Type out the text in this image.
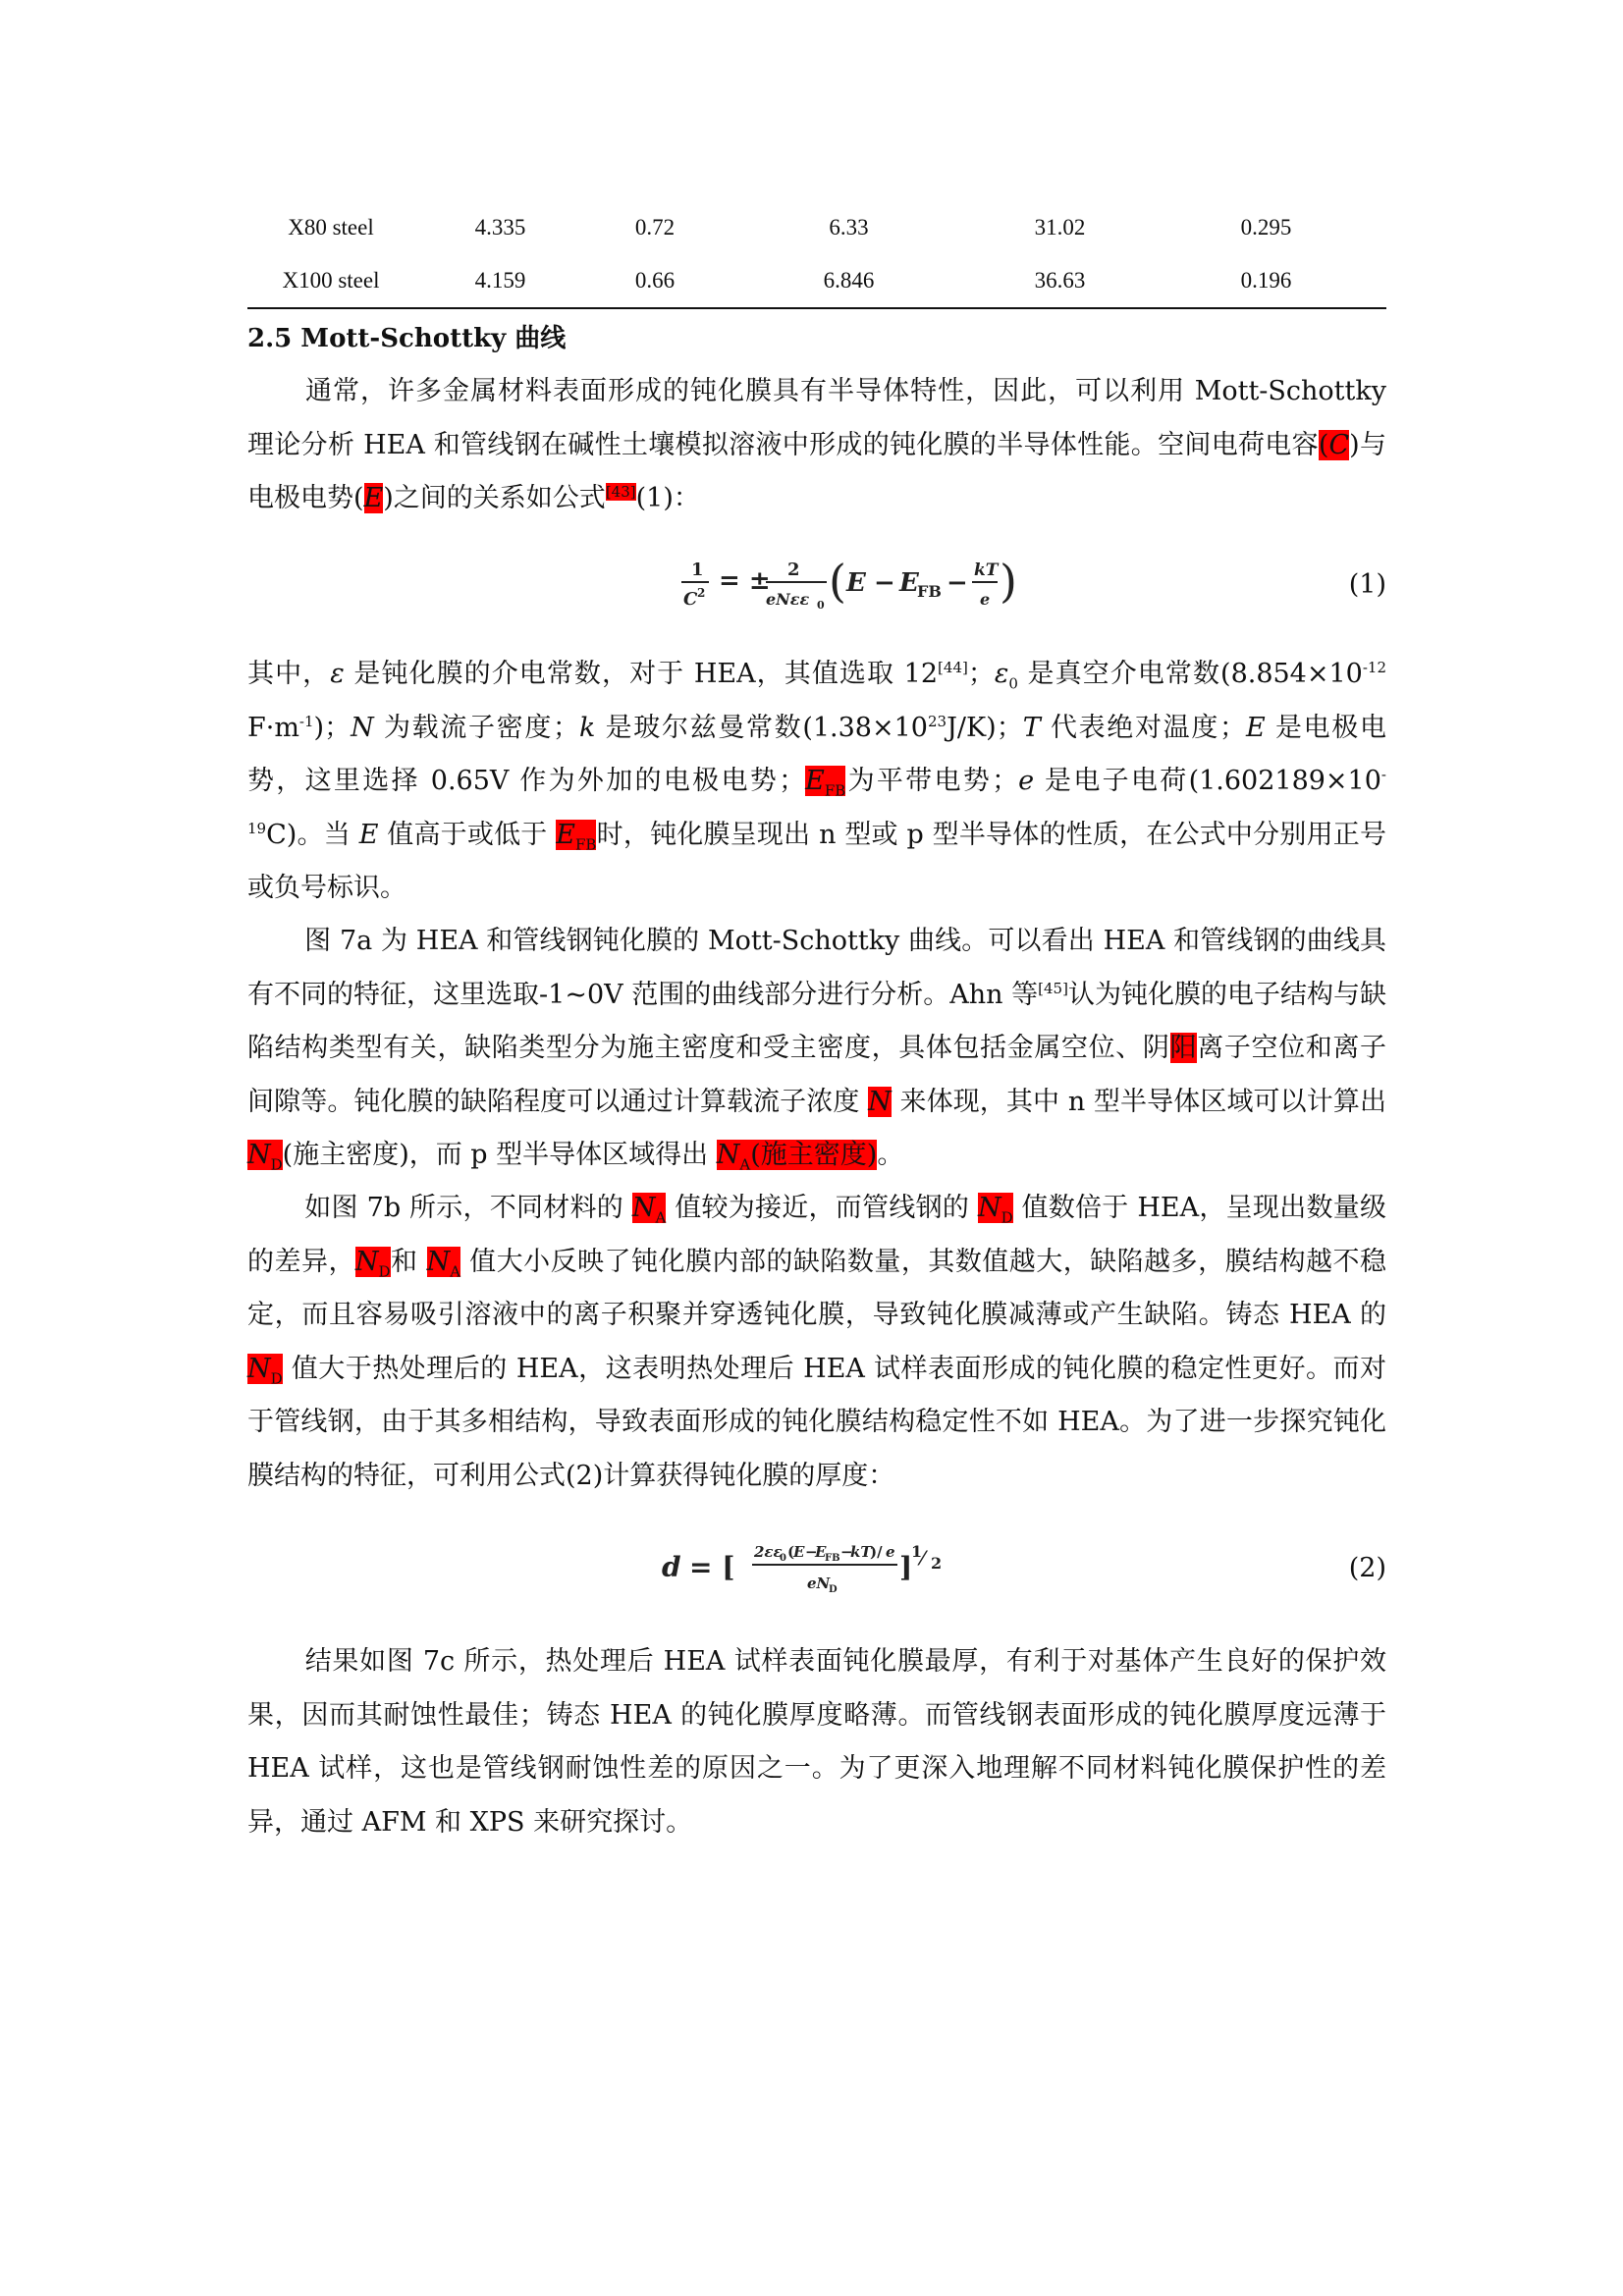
X80 steel	4.335	0.72	6.33	31.02	0.295
X100 steel	4.159	0.66	6.846	36.63	0.196
2.5 Mott-Schottky 曲线
通常，许多金属材料表面形成的钝化膜具有半导体特性，因此，可以利用 Mott-Schottky 理论分析 HEA 和管线钢在碱性土壤模拟溶液中形成的钝化膜的半导体性能。空间电荷电容(C)与电极电势(E)之间的关系如公式[43](1)：
1
C 2 = ± 2
eNεε 0 ( E − E
FB − kT
e )	(1)
其中，ε 是钝化膜的介电常数，对于 HEA，其值选取 12[44]；$\varepsilon_0$ 是真空介电常数($8.854\times 10^{-12}$ $F\cdot m^{-1}$)；N 为载流子密度；k 是玻尔兹曼常数$(1.38\times 10^{23}J/K)$；T 代表绝对温度；E 是电极电势，这里选择 0.65V 作为外加的电极电势；$E_{FB}$为平带电势；e 是电子电荷$(1.602189\times 10^{-19}C)$。当 E 值高于或低于 $E_{FB}$时，钝化膜呈现出 n 型或 p 型半导体的性质，在公式中分别用正号或负号标识。
图 7a 为 HEA 和管线钢钝化膜的 Mott-Schottky 曲线。可以看出 HEA 和管线钢的曲线具有不同的特征，这里选取-1~0V 范围的曲线部分进行分析。Ahn 等[45]认为钝化膜的电子结构与缺陷结构类型有关，缺陷类型分为施主密度和受主密度，具体包括金属空位、阴阳离子空位和离子间隙等。钝化膜的缺陷程度可以通过计算载流子浓度 N 来体现，其中 n 型半导体区域可以计算出 $N_D$(施主密度)，而 p 型半导体区域得出 $N_A$(施主密度)。
如图 7b 所示，不同材料的 $N_A$ 值较为接近，而管线钢的 $N_D$ 值数倍于 HEA，呈现出数量级的差异，$N_D$和 $N_A$ 值大小反映了钝化膜内部的缺陷数量，其数值越大，缺陷越多，膜结构越不稳定，而且容易吸引溶液中的离子积聚并穿透钝化膜，导致钝化膜减薄或产生缺陷。铸态 HEA 的 $N_D$ 值大于热处理后的 HEA，这表明热处理后 HEA 试样表面形成的钝化膜的稳定性更好。而对于管线钢，由于其多相结构，导致表面形成的钝化膜结构稳定性不如 HEA。为了进一步探究钝化膜结构的特征，可利用公式(2)计算获得钝化膜的厚度：
d = [ 2εε
0 (
E −
E
FB −
kT
)/ e
eN
D
]
1
⁄ 2	(2)
结果如图 7c 所示，热处理后 HEA 试样表面钝化膜最厚，有利于对基体产生良好的保护效果，因而其耐蚀性最佳；铸态 HEA 的钝化膜厚度略薄。而管线钢表面形成的钝化膜厚度远薄于 HEA 试样，这也是管线钢耐蚀性差的原因之一。为了更深入地理解不同材料钝化膜保护性的差异，通过 AFM 和 XPS 来研究探讨。
